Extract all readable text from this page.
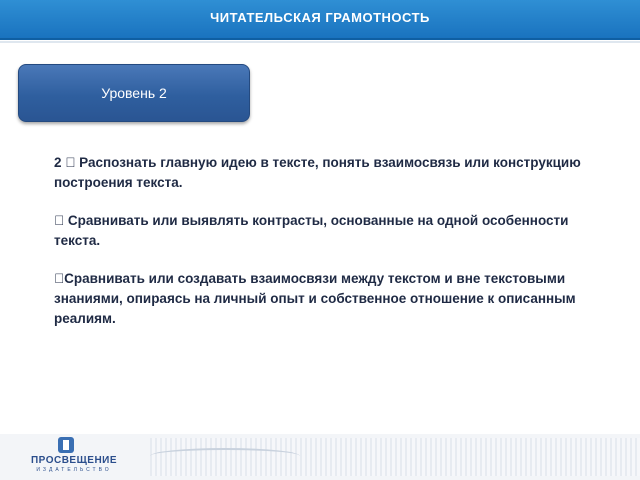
ЧИТАТЕЛЬСКАЯ ГРАМОТНОСТЬ
Уровень 2

2 Распознать главную идею в тексте, понять взаимосвязь или конструкцию построения текста.

Сравнивать или выявлять контрасты, основанные на одной особенности текста.

Сравнивать или создавать взаимосвязи между текстом и вне текстовыми знаниями, опираясь на личный опыт и собственное отношение к описанным реалиям.

ПРОСВЕЩЕНИЕ
ИЗДАТЕЛЬСТВО
